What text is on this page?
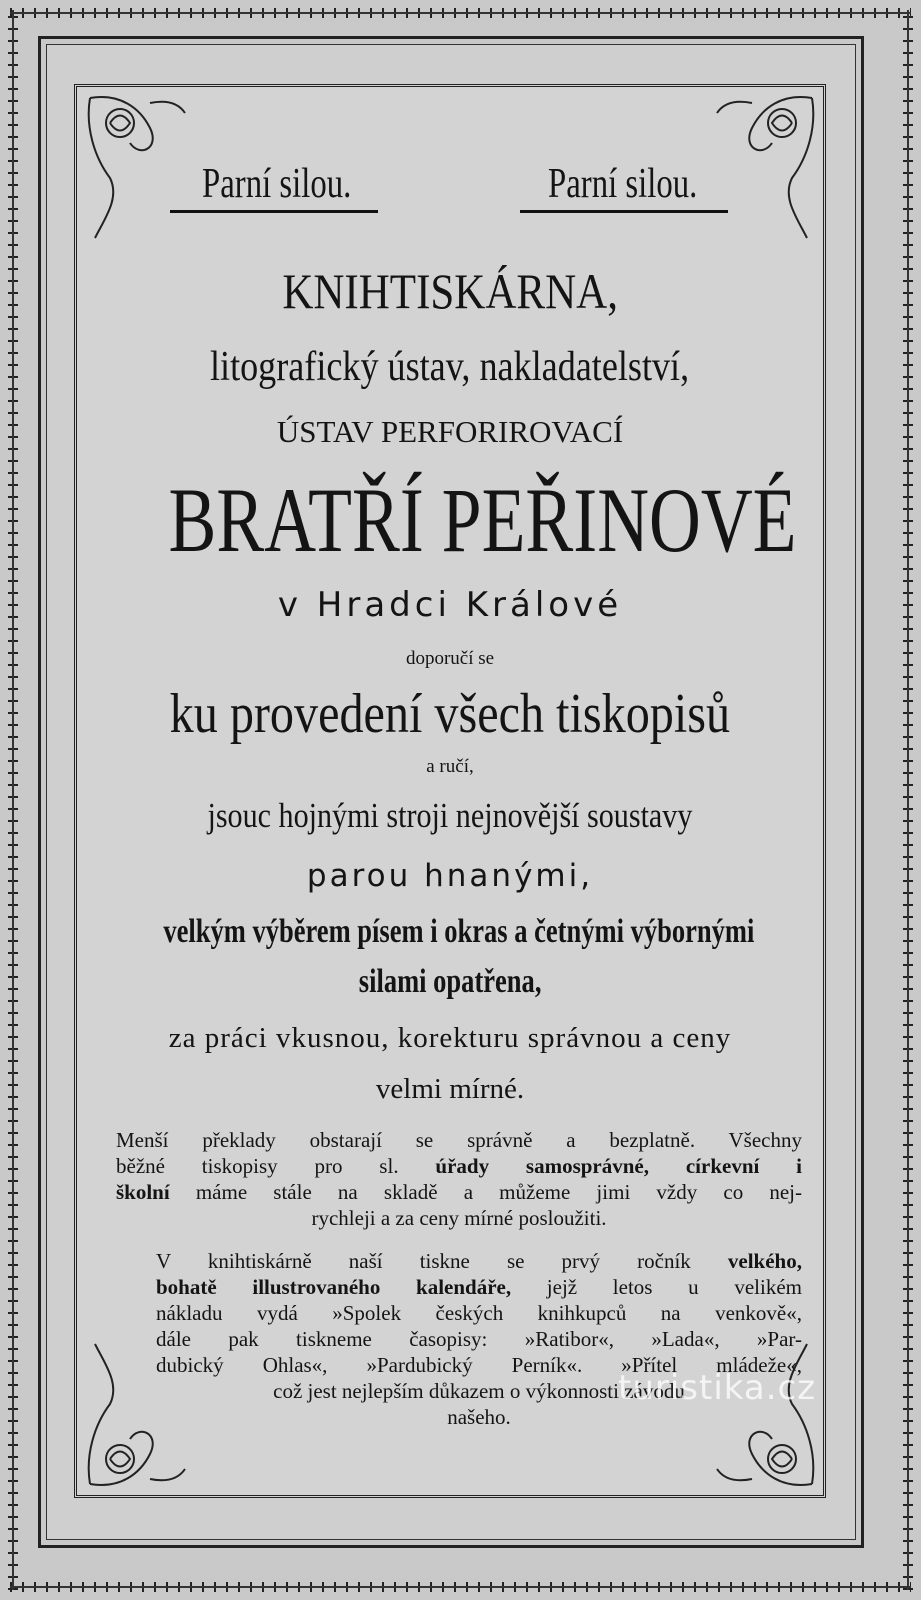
Parní silou.	Parní silou.
KNIHTISKÁRNA,
litografický ústav, nakladatelství,
ÚSTAV PERFORIROVACÍ
BRATŘÍ PEŘINOVÉ
v Hradci Králové
doporučí se
ku provedení všech tiskopisů
a ručí,
jsouc hojnými stroji nejnovější soustavy
parou hnanými,
velkým výběrem písem i okras a četnými výbornými
silami opatřena,
za práci vkusnou, korekturu správnou a ceny
velmi mírné.
Menší překlady obstarají se správně a bezplatně. Všechny
běžné tiskopisy pro sl. úřady samosprávné, církevní i
školní máme stále na skladě a můžeme jimi vždy co nej-
rychleji a za ceny mírné posloužiti.
V knihtiskárně naší tiskne se prvý ročník velkého,
bohatě illustrovaného kalendáře, jejž letos u velikém
nákladu vydá »Spolek českých knihkupců na venkově«,
dále pak tiskneme časopisy: »Ratibor«, »Lada«, »Par-
dubický Ohlas«, »Pardubický Perník«. »Přítel mládeže«,
což jest nejlepším důkazem o výkonnosti závodu
našeho.
turistika.cz
